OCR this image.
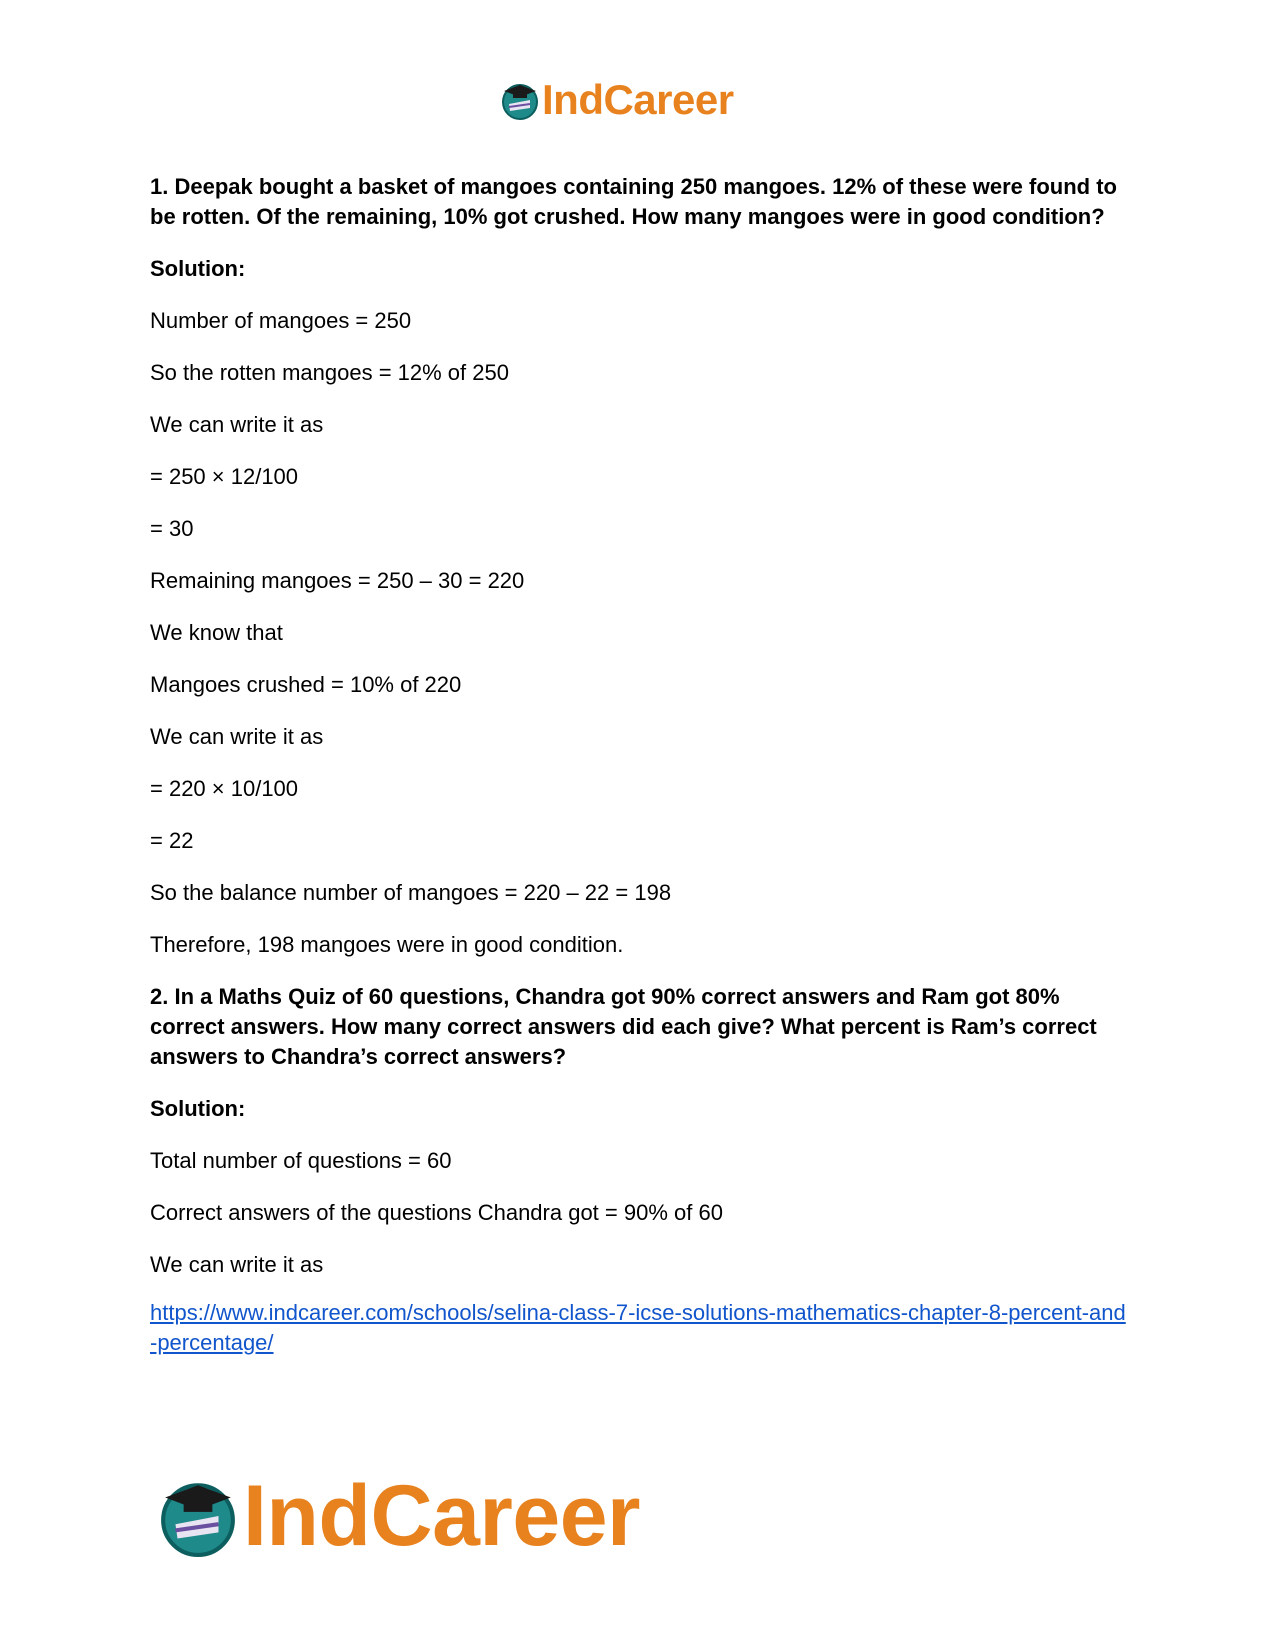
IndCareer

1. Deepak bought a basket of mangoes containing 250 mangoes. 12% of these were found to be rotten. Of the remaining, 10% got crushed. How many mangoes were in good condition?

Solution:

Number of mangoes = 250

So the rotten mangoes = 12% of 250

We can write it as

= 250 × 12/100

= 30

Remaining mangoes = 250 – 30 = 220

We know that

Mangoes crushed = 10% of 220

We can write it as

= 220 × 10/100

= 22

So the balance number of mangoes = 220 – 22 = 198

Therefore, 198 mangoes were in good condition.

2. In a Maths Quiz of 60 questions, Chandra got 90% correct answers and Ram got 80% correct answers. How many correct answers did each give? What percent is Ram’s correct answers to Chandra’s correct answers?

Solution:

Total number of questions = 60

Correct answers of the questions Chandra got = 90% of 60

We can write it as

https://www.indcareer.com/schools/selina-class-7-icse-solutions-mathematics-chapter-8-percent-and-percentage/

IndCareer
